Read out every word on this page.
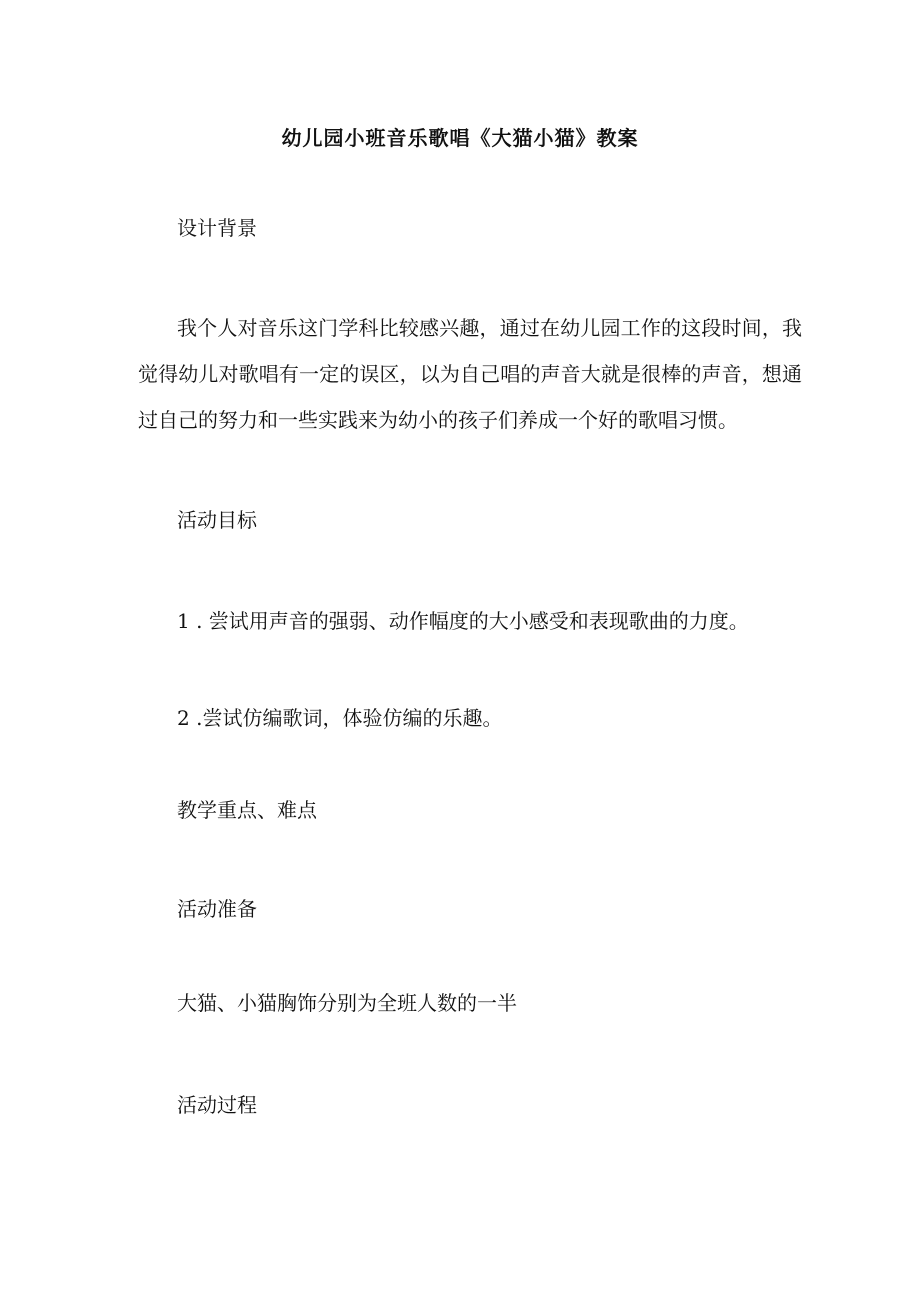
幼儿园小班音乐歌唱《大猫小猫》教案

设计背景

我个人对音乐这门学科比较感兴趣，通过在幼儿园工作的这段时间，我觉得幼儿对歌唱有一定的误区，以为自己唱的声音大就是很棒的声音，想通过自己的努力和一些实践来为幼小的孩子们养成一个好的歌唱习惯。

活动目标

1 . 尝试用声音的强弱、动作幅度的大小感受和表现歌曲的力度。

2 .尝试仿编歌词，体验仿编的乐趣。

教学重点、难点

活动准备

大猫、小猫胸饰分别为全班人数的一半

活动过程
